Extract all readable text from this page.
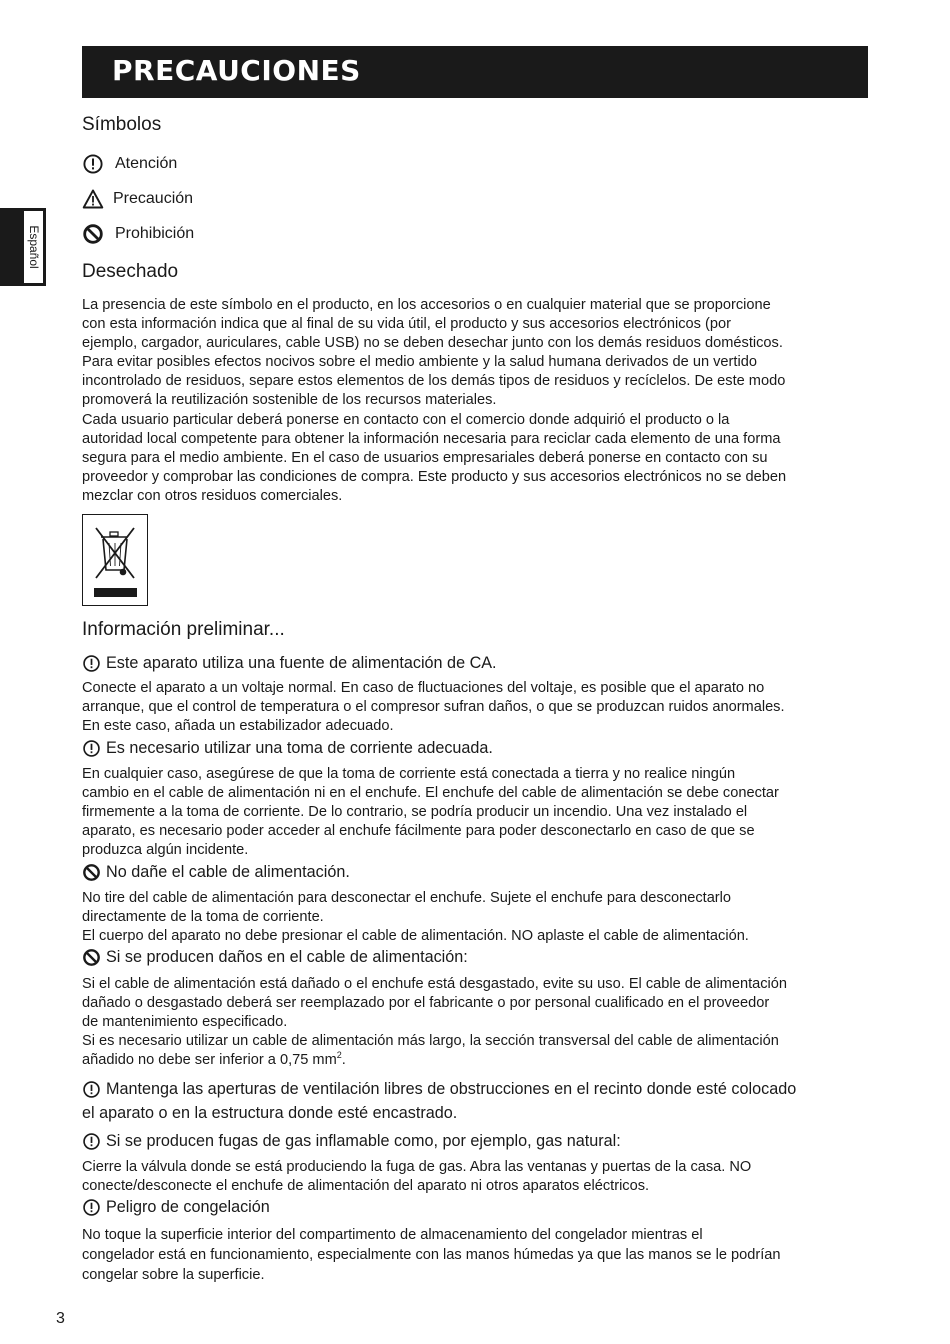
PRECAUCIONES
Español
Símbolos
Atención
Precaución
Prohibición
Desechado
La presencia de este símbolo en el producto, en los accesorios o en cualquier material que se proporcione
con esta información indica que al final de su vida útil, el producto y sus accesorios electrónicos (por
ejemplo, cargador, auriculares, cable USB) no se deben desechar junto con los demás residuos domésticos.
Para evitar posibles efectos nocivos sobre el medio ambiente y la salud humana derivados de un vertido
incontrolado de residuos, separe estos elementos de los demás tipos de residuos y recíclelos. De este modo
promoverá la reutilización sostenible de los recursos materiales.
Cada usuario particular deberá ponerse en contacto con el comercio donde adquirió el producto o la
autoridad local competente para obtener la información necesaria para reciclar cada elemento de una forma
segura para el medio ambiente. En el caso de usuarios empresariales deberá ponerse en contacto con su
proveedor y comprobar las condiciones de compra. Este producto y sus accesorios electrónicos no se deben
mezclar con otros residuos comerciales.
Información preliminar...
Este aparato utiliza una fuente de alimentación de CA.
Conecte el aparato a un voltaje normal. En caso de fluctuaciones del voltaje, es posible que el aparato no
arranque, que el control de temperatura o el compresor sufran daños, o que se produzcan ruidos anormales.
En este caso, añada un estabilizador adecuado.
Es necesario utilizar una toma de corriente adecuada.
En cualquier caso, asegúrese de que la toma de corriente está conectada a tierra y no realice ningún
cambio en el cable de alimentación ni en el enchufe. El enchufe del cable de alimentación se debe conectar
firmemente a la toma de corriente. De lo contrario, se podría producir un incendio. Una vez instalado el
aparato, es necesario poder acceder al enchufe fácilmente para poder desconectarlo en caso de que se
produzca algún incidente.
No dañe el cable de alimentación.
No tire del cable de alimentación para desconectar el enchufe. Sujete el enchufe para desconectarlo
directamente de la toma de corriente.
El cuerpo del aparato no debe presionar el cable de alimentación. NO aplaste el cable de alimentación.
Si se producen daños en el cable de alimentación:
Si el cable de alimentación está dañado o el enchufe está desgastado, evite su uso. El cable de alimentación
dañado o desgastado deberá ser reemplazado por el fabricante o por personal cualificado en el proveedor
de mantenimiento especificado.
Si es necesario utilizar un cable de alimentación más largo, la sección transversal del cable de alimentación
añadido no debe ser inferior a 0,75 $mm^2$.
Mantenga las aperturas de ventilación libres de obstrucciones en el recinto donde esté colocado
el aparato o en la estructura donde esté encastrado.
Si se producen fugas de gas inflamable como, por ejemplo, gas natural:
Cierre la válvula donde se está produciendo la fuga de gas. Abra las ventanas y puertas de la casa. NO
conecte/desconecte el enchufe de alimentación del aparato ni otros aparatos eléctricos.
Peligro de congelación
No toque la superficie interior del compartimento de almacenamiento del congelador mientras el
congelador está en funcionamiento, especialmente con las manos húmedas ya que las manos se le podrían
congelar sobre la superficie.
3
